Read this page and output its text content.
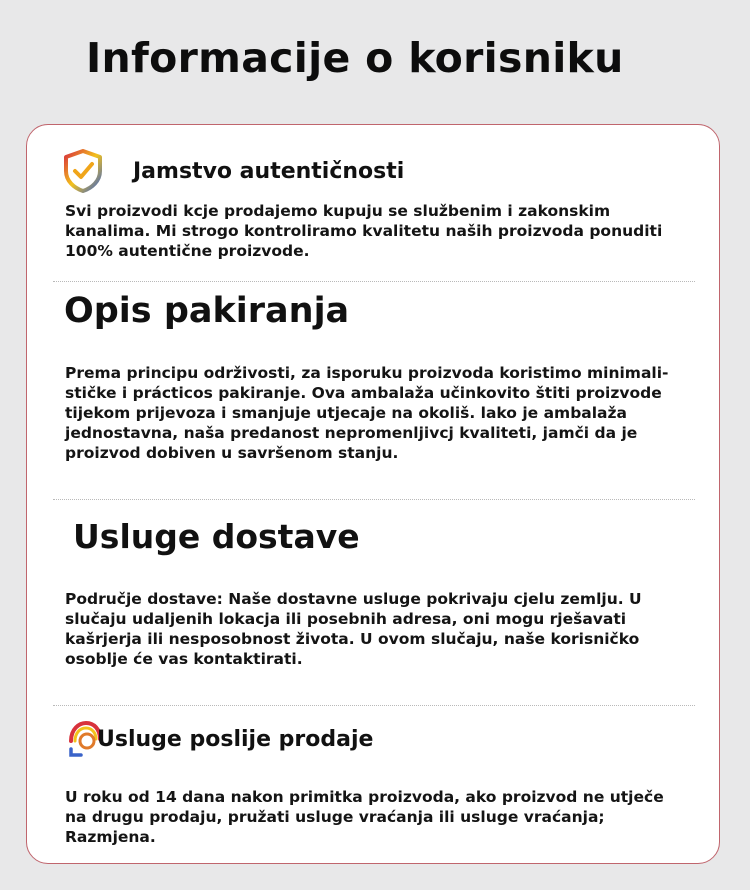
Informacije o korisniku
Jamstvo autentičnosti

Svi proizvodi kcje prodajemo kupuju se službenim i zakonskim kanalima. Mi strogo kontroliramo kvalitetu naših proizvoda ponuditi 100% autentične proizvode.

Opis pakiranja

Prema principu održivosti, za isporuku proizvoda koristimo minimali-stičke i prácticos pakiranje. Ova ambalaža učinkovito štiti proizvode tijekom prijevoza i smanjuje utjecaje na okoliš. lako je ambalaža jednostavna, naša predanost nepromenljivcj kvaliteti, jamči da je proizvod dobiven u savršenom stanju.

Usluge dostave

Područje dostave: Naše dostavne usluge pokrivaju cjelu zemlju. U slučaju udaljenih lokacja ili posebnih adresa, oni mogu rješavati kašrjerja ili nesposobnost života. U ovom slučaju, naše korisničko osoblje će vas kontaktirati.

Usluge poslije prodaje

U roku od 14 dana nakon primitka proizvoda, ako proizvod ne utječe na drugu prodaju, pružati usluge vraćanja ili usluge vraćanja; Razmjena.
